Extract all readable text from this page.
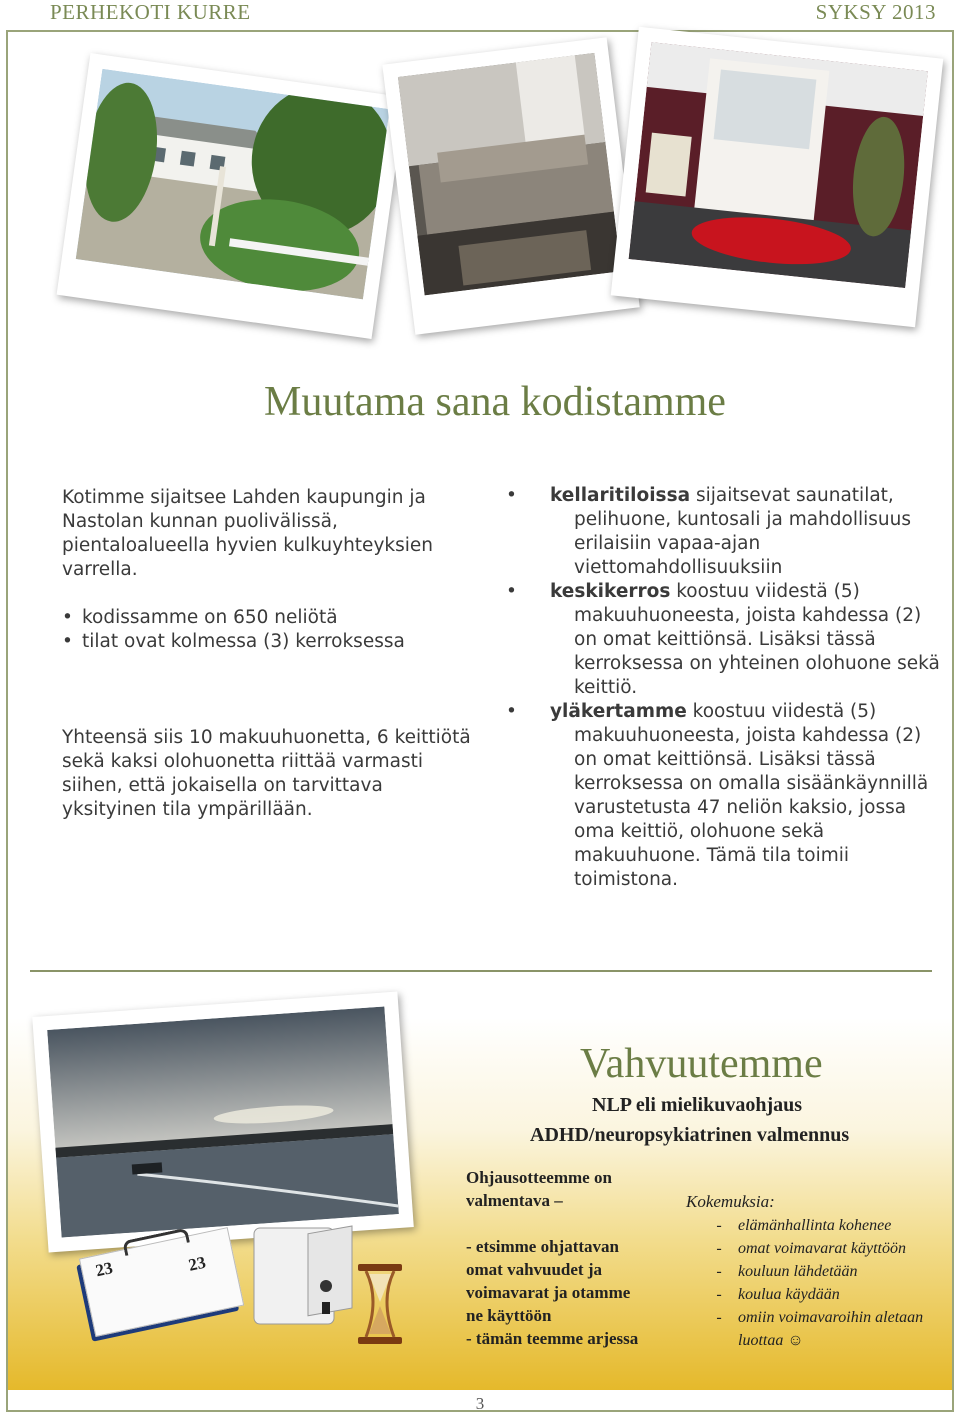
PERHEKOTI KURRE	SYKSY 2013
Muutama sana kodistamme

Kotimme sijaitsee Lahden kaupungin ja Nastolan kunnan puolivälissä, pientaloalueella hyvien kulkuyhteyksien varrella.

• kodissamme on 650 neliötä
• tilat ovat kolmessa (3) kerroksessa

Yhteensä siis 10 makuuhuonetta, 6 keittiötä sekä kaksi olohuonetta riittää varmasti siihen, että jokaisella on tarvittava yksityinen tila ympärillään.

• kellaritiloissa sijaitsevat saunatilat, pelihuone, kuntosali ja mahdollisuus erilaisiin vapaa-ajan viettomahdollisuuksiin
• keskikerros koostuu viidestä (5) makuuhuoneesta, joista kahdessa (2) on omat keittiönsä. Lisäksi tässä kerroksessa on yhteinen olohuone sekä keittiö.
• yläkertamme koostuu viidestä (5) makuuhuoneesta, joista kahdessa (2) on omat keittiönsä. Lisäksi tässä kerroksessa on omalla sisäänkäynnillä varustetusta 47 neliön kaksio, jossa oma keittiö, olohuone sekä makuuhuone. Tämä tila toimii toimistona.
23	23
Vahvuutemme
NLP eli mielikuvaohjaus
ADHD/neuropsykiatrinen valmennus
Ohjausotteemme on
valmentava –
- etsimme ohjattavan
omat vahvuudet ja
voimavarat ja otamme
ne käyttöön
- tämän teemme arjessa
Kokemuksia:
-	elämänhallinta kohenee
-	omat voimavarat käyttöön
-	kouluun lähdetään
-	koulua käydään
-	omiin voimavaroihin aletaan luottaa ☺
3
